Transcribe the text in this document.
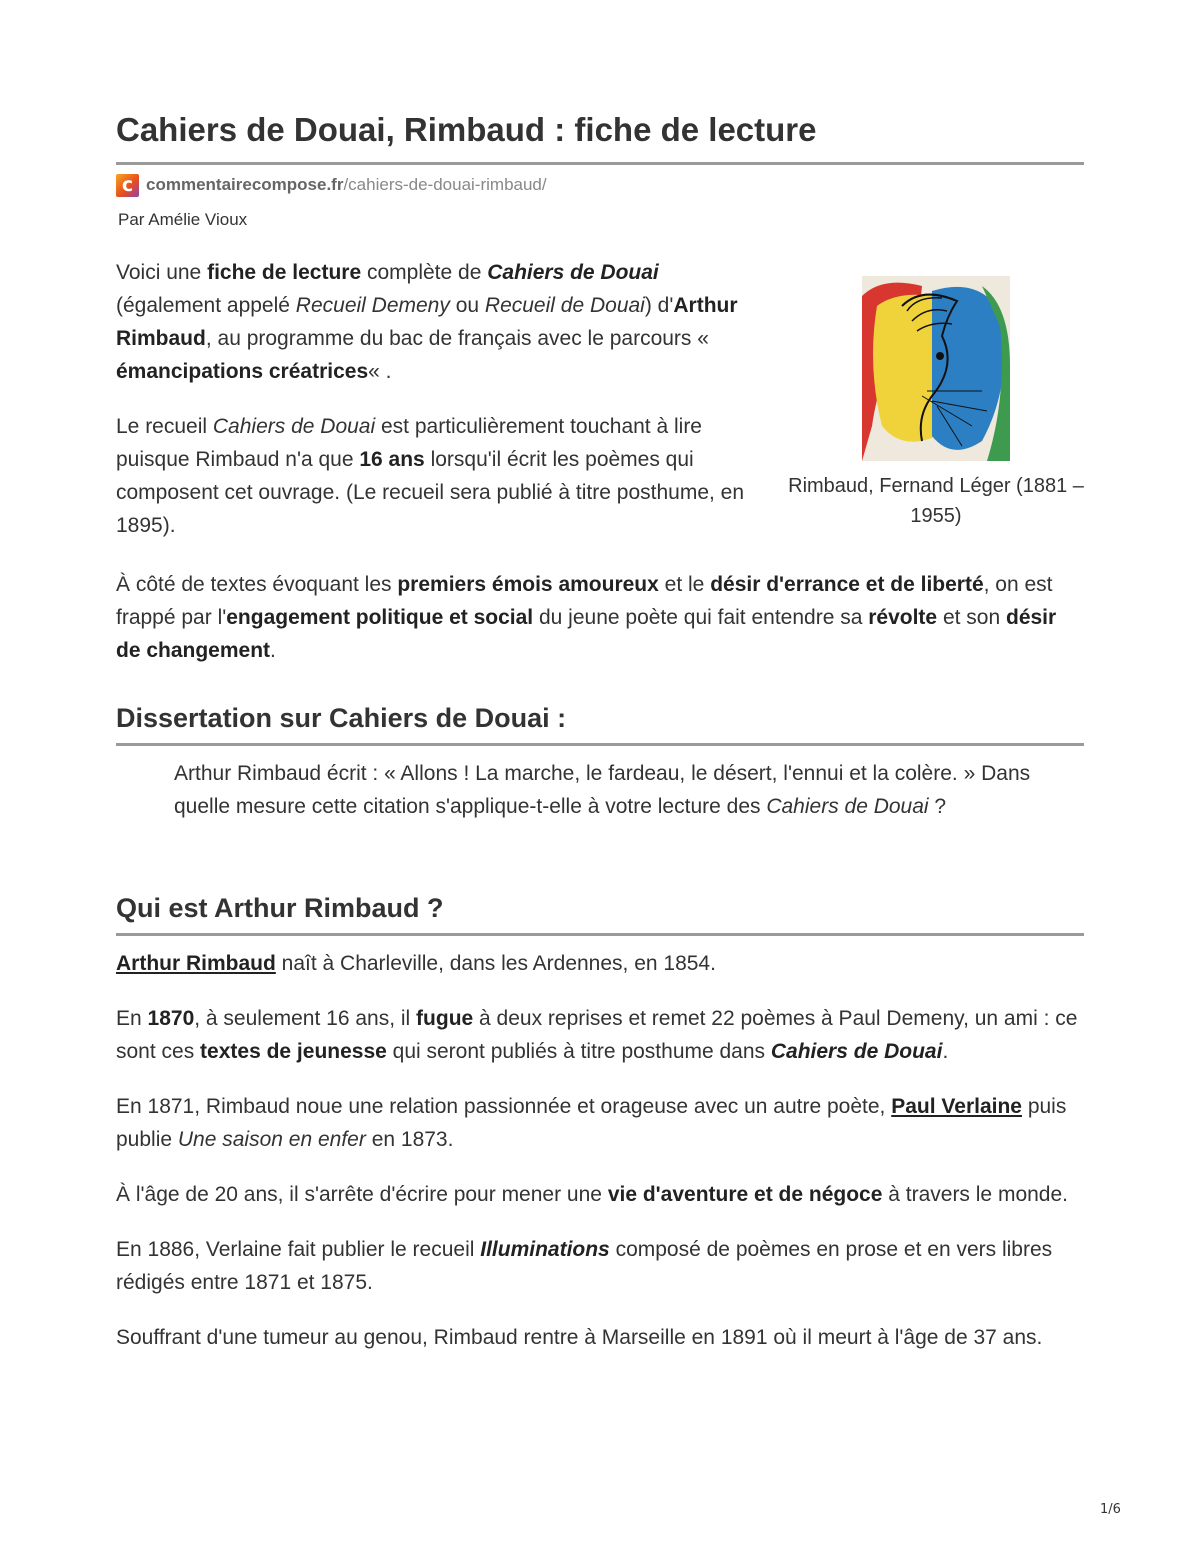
Cahiers de Douai, Rimbaud : fiche de lecture
c commentairecompose.fr /cahiers-de-douai-rimbaud/
Par Amélie Vioux

Voici une fiche de lecture complète de Cahiers de Douai (également appelé Recueil Demeny ou Recueil de Douai) d'Arthur Rimbaud, au programme du bac de français avec le parcours « émancipations créatrices« .

Le recueil Cahiers de Douai est particulièrement touchant à lire puisque Rimbaud n'a que 16 ans lorsqu'il écrit les poèmes qui composent cet ouvrage. (Le recueil sera publié à titre posthume, en 1895).

Rimbaud, Fernand Léger (1881 – 1955)

À côté de textes évoquant les premiers émois amoureux et le désir d'errance et de liberté, on est frappé par l'engagement politique et social du jeune poète qui fait entendre sa révolte et son désir de changement.

Dissertation sur Cahiers de Douai :

Arthur Rimbaud écrit : « Allons ! La marche, le fardeau, le désert, l'ennui et la colère. » Dans quelle mesure cette citation s'applique-t-elle à votre lecture des Cahiers de Douai ?

Qui est Arthur Rimbaud ?

Arthur Rimbaud naît à Charleville, dans les Ardennes, en 1854.

En 1870, à seulement 16 ans, il fugue à deux reprises et remet 22 poèmes à Paul Demeny, un ami : ce sont ces textes de jeunesse qui seront publiés à titre posthume dans Cahiers de Douai.

En 1871, Rimbaud noue une relation passionnée et orageuse avec un autre poète, Paul Verlaine puis publie Une saison en enfer en 1873.

À l'âge de 20 ans, il s'arrête d'écrire pour mener une vie d'aventure et de négoce à travers le monde.

En 1886, Verlaine fait publier le recueil Illuminations composé de poèmes en prose et en vers libres rédigés entre 1871 et 1875.

Souffrant d'une tumeur au genou, Rimbaud rentre à Marseille en 1891 où il meurt à l'âge de 37 ans.

1/6
